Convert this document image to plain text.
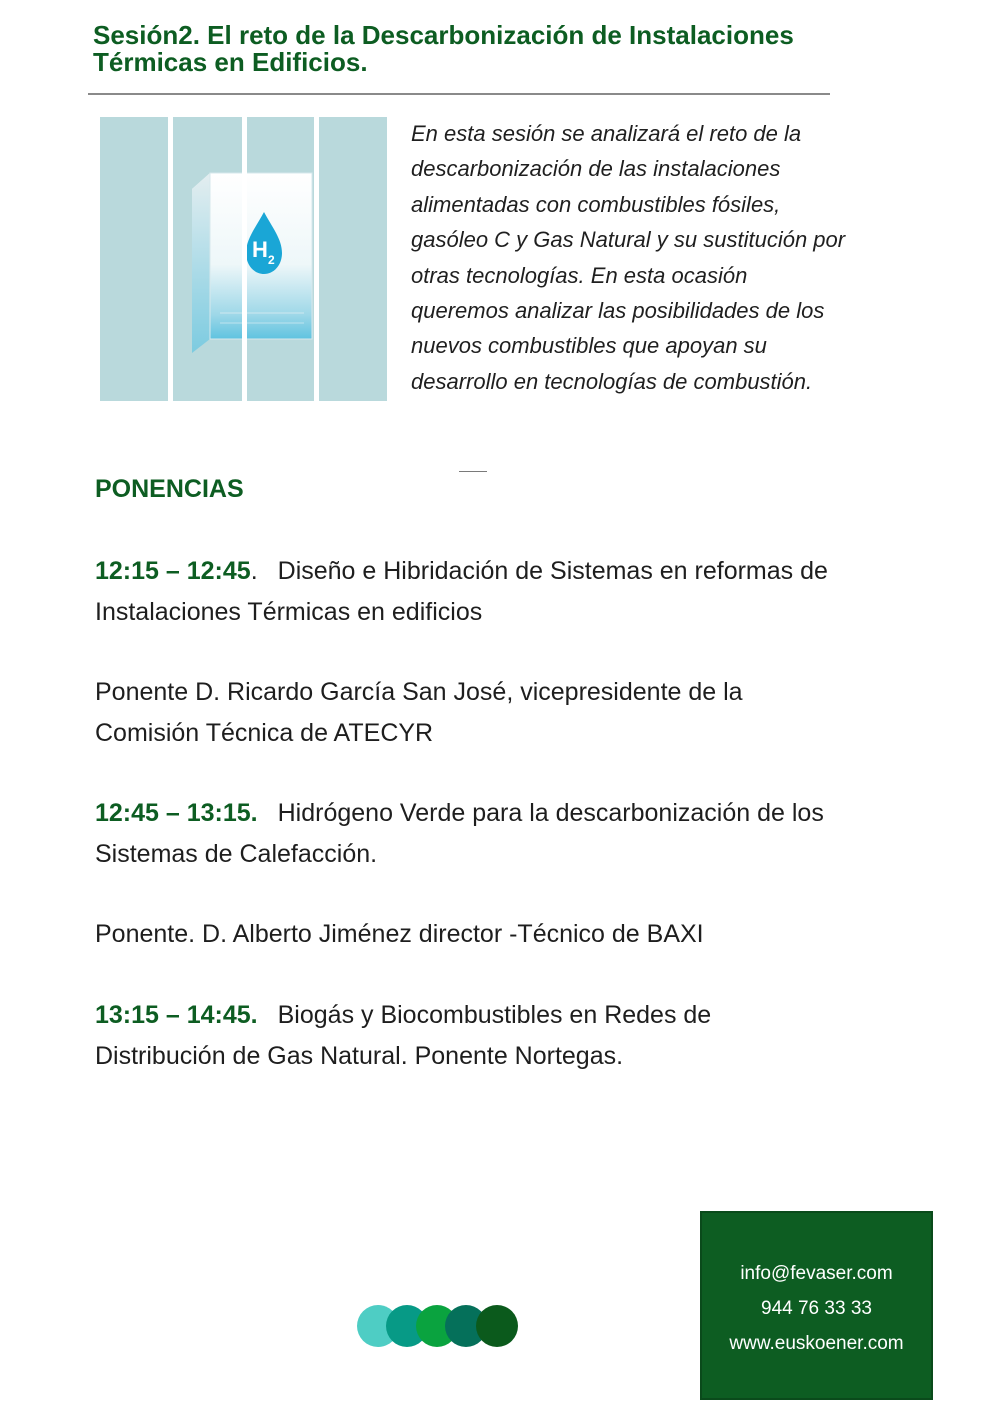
Sesión2. El reto de la Descarbonización de Instalaciones Térmicas en Edificios.
H 2

En esta sesión se analizará el reto de la descarbonización de las instalaciones alimentadas con combustibles fósiles, gasóleo C y Gas Natural y su sustitución por otras tecnologías. En esta ocasión queremos analizar las posibilidades de los nuevos combustibles que apoyan su desarrollo en tecnologías de combustión.

PONENCIAS

12:15 – 12:45. Diseño e Hibridación de Sistemas en reformas de Instalaciones Térmicas en edificios

Ponente D. Ricardo García San José, vicepresidente de la Comisión Técnica de ATECYR

12:45 – 13:15. Hidrógeno Verde para la descarbonización de los Sistemas de Calefacción.

Ponente. D. Alberto Jiménez director -Técnico de BAXI

13:15 – 14:45. Biogás y Biocombustibles en Redes de Distribución de Gas Natural. Ponente Nortegas.

info@fevaser.com
944 76 33 33
www.euskoener.com
